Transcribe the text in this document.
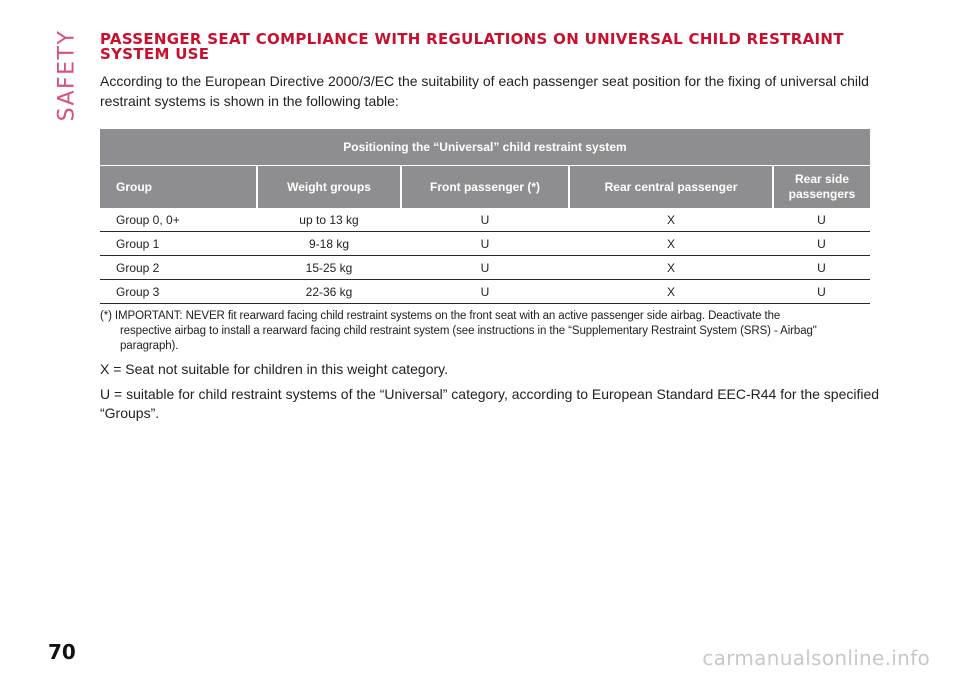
SAFETY PASSENGER SEAT COMPLIANCE WITH REGULATIONS ON UNIVERSAL CHILD RESTRAINT SYSTEM USE

According to the European Directive 2000/3/EC the suitability of each passenger seat position for the fixing of universal child restraint systems is shown in the following table:

Positioning the “Universal” child restraint system				
Group	Weight groups	Front passenger (*)	Rear central passenger	Rear side passengers
Group 0, 0+	up to 13 kg	U	X	U
Group 1	9-18 kg	U	X	U
Group 2	15-25 kg	U	X	U
Group 3	22-36 kg	U	X	U

(*) IMPORTANT: NEVER fit rearward facing child restraint systems on the front seat with an active passenger side airbag. Deactivate the
respective airbag to install a rearward facing child restraint system (see instructions in the “Supplementary Restraint System (SRS) - Airbag"
paragraph).

X = Seat not suitable for children in this weight category.

U = suitable for child restraint systems of the “Universal” category, according to European Standard EEC-R44 for the specified “Groups”.

70	carmanualsonline.info
